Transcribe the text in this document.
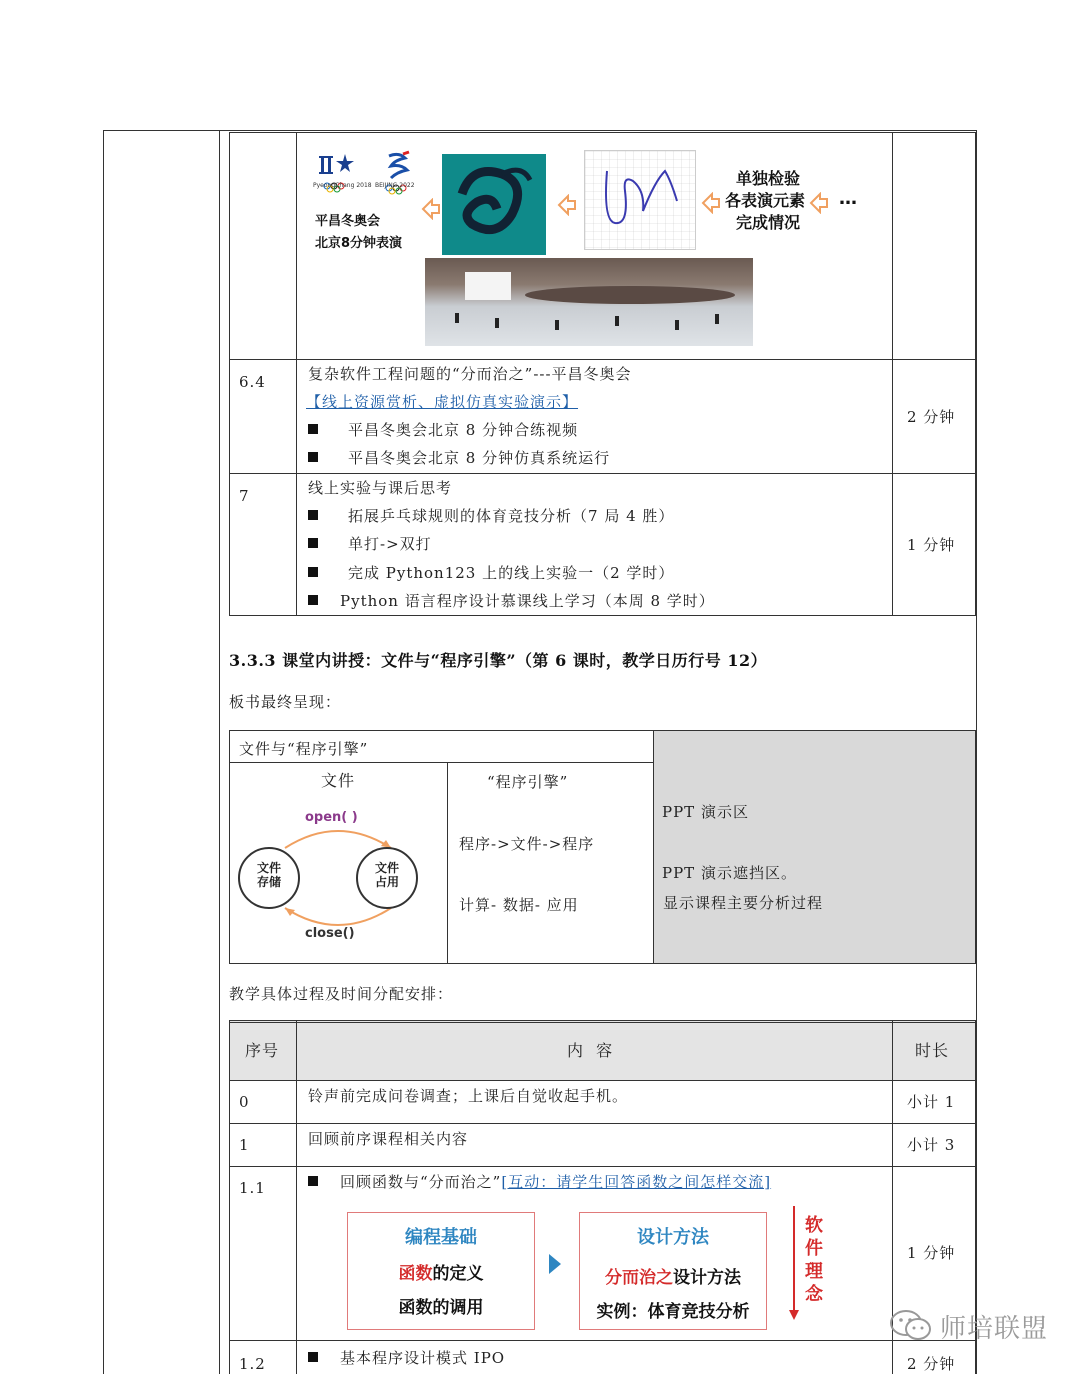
PyeongChang 2018 BEIJING 2022
平昌冬奥会
北京8分钟表演
单独检验
各表演元素
完成情况
…
6.4	复杂软件工程问题的“分而治之”---平昌冬奥会
【线上资源赏析、虚拟仿真实验演示】
平昌冬奥会北京 8 分钟合练视频
平昌冬奥会北京 8 分钟仿真系统运行
2 分钟
7	线上实验与课后思考
拓展乒乓球规则的体育竞技分析（7 局 4 胜）
单打->双打
完成 Python123 上的线上实验一（2 学时）
Python 语言程序设计慕课线上学习（本周 8 学时）
1 分钟
3.3.3 课堂内讲授：文件与“程序引擎”（第 6 课时，教学日历行号 12）
板书最终呈现：
文件与“程序引擎”
文件
open( )
close()
文件
存储
文件
占用
“程序引擎”
程序->文件->程序
计算- 数据- 应用
PPT 演示区
PPT 演示遮挡区。
显示课程主要分析过程
教学具体过程及时间分配安排：
序号	内  容	时长
0	铃声前完成问卷调查；上课后自觉收起手机。	小计 1
1	回顾前序课程相关内容	小计 3
1.1	回顾函数与“分而治之”[互动：请学生回答函数之间怎样交流]
1 分钟
编程基础
函数的定义
函数的调用
设计方法
分而治之设计方法
实例：体育竞技分析
软件理念
1.2	基本程序设计模式 IPO	2 分钟
师培联盟
